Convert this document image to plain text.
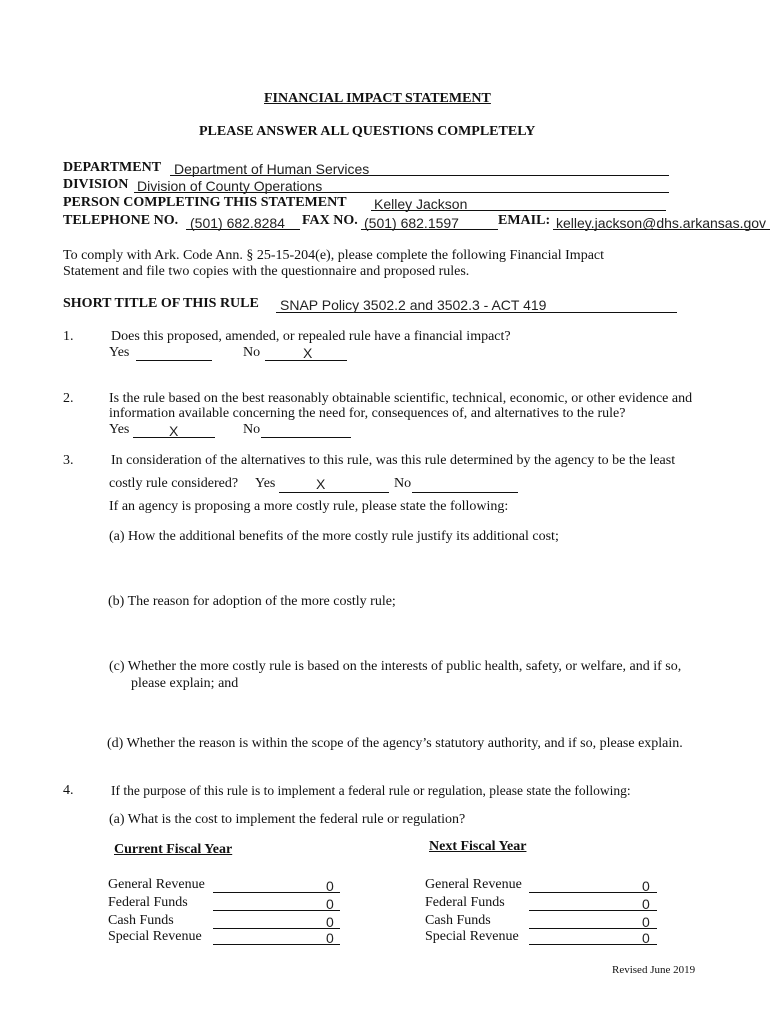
FINANCIAL IMPACT STATEMENT
PLEASE ANSWER ALL QUESTIONS COMPLETELY
DEPARTMENT Department of Human Services
DIVISION Division of County Operations
PERSON COMPLETING THIS STATEMENT Kelley Jackson
TELEPHONE NO. (501) 682.8284 FAX NO. (501) 682.1597	EMAIL: kelley.jackson@dhs.arkansas.gov
To comply with Ark. Code Ann. § 25-15-204(e), please complete the following Financial Impact
Statement and file two copies with the questionnaire and proposed rules.
SHORT TITLE OF THIS RULE SNAP Policy 3502.2 and 3502.3 - ACT 419
1.	Does this proposed, amended, or repealed rule have a financial impact?
Yes	No	X
2.	Is the rule based on the best reasonably obtainable scientific, technical, economic, or other evidence and
information available concerning the need for, consequences of, and alternatives to the rule?
Yes	X	No
3.	In consideration of the alternatives to this rule, was this rule determined by the agency to be the least
costly rule considered? Yes	X	No
If an agency is proposing a more costly rule, please state the following:
(a) How the additional benefits of the more costly rule justify its additional cost;
(b) The reason for adoption of the more costly rule;
(c) Whether the more costly rule is based on the interests of public health, safety, or welfare, and if so,
please explain; and
(d) Whether the reason is within the scope of the agency’s statutory authority, and if so, please explain.
4.	If the purpose of this rule is to implement a federal rule or regulation, please state the following:
(a) What is the cost to implement the federal rule or regulation?
Current Fiscal Year	Next Fiscal Year
General Revenue	0	General Revenue	0
Federal Funds	0	Federal Funds	0
Cash Funds	0	Cash Funds	0
Special Revenue	0	Special Revenue	0
Revised June 2019
